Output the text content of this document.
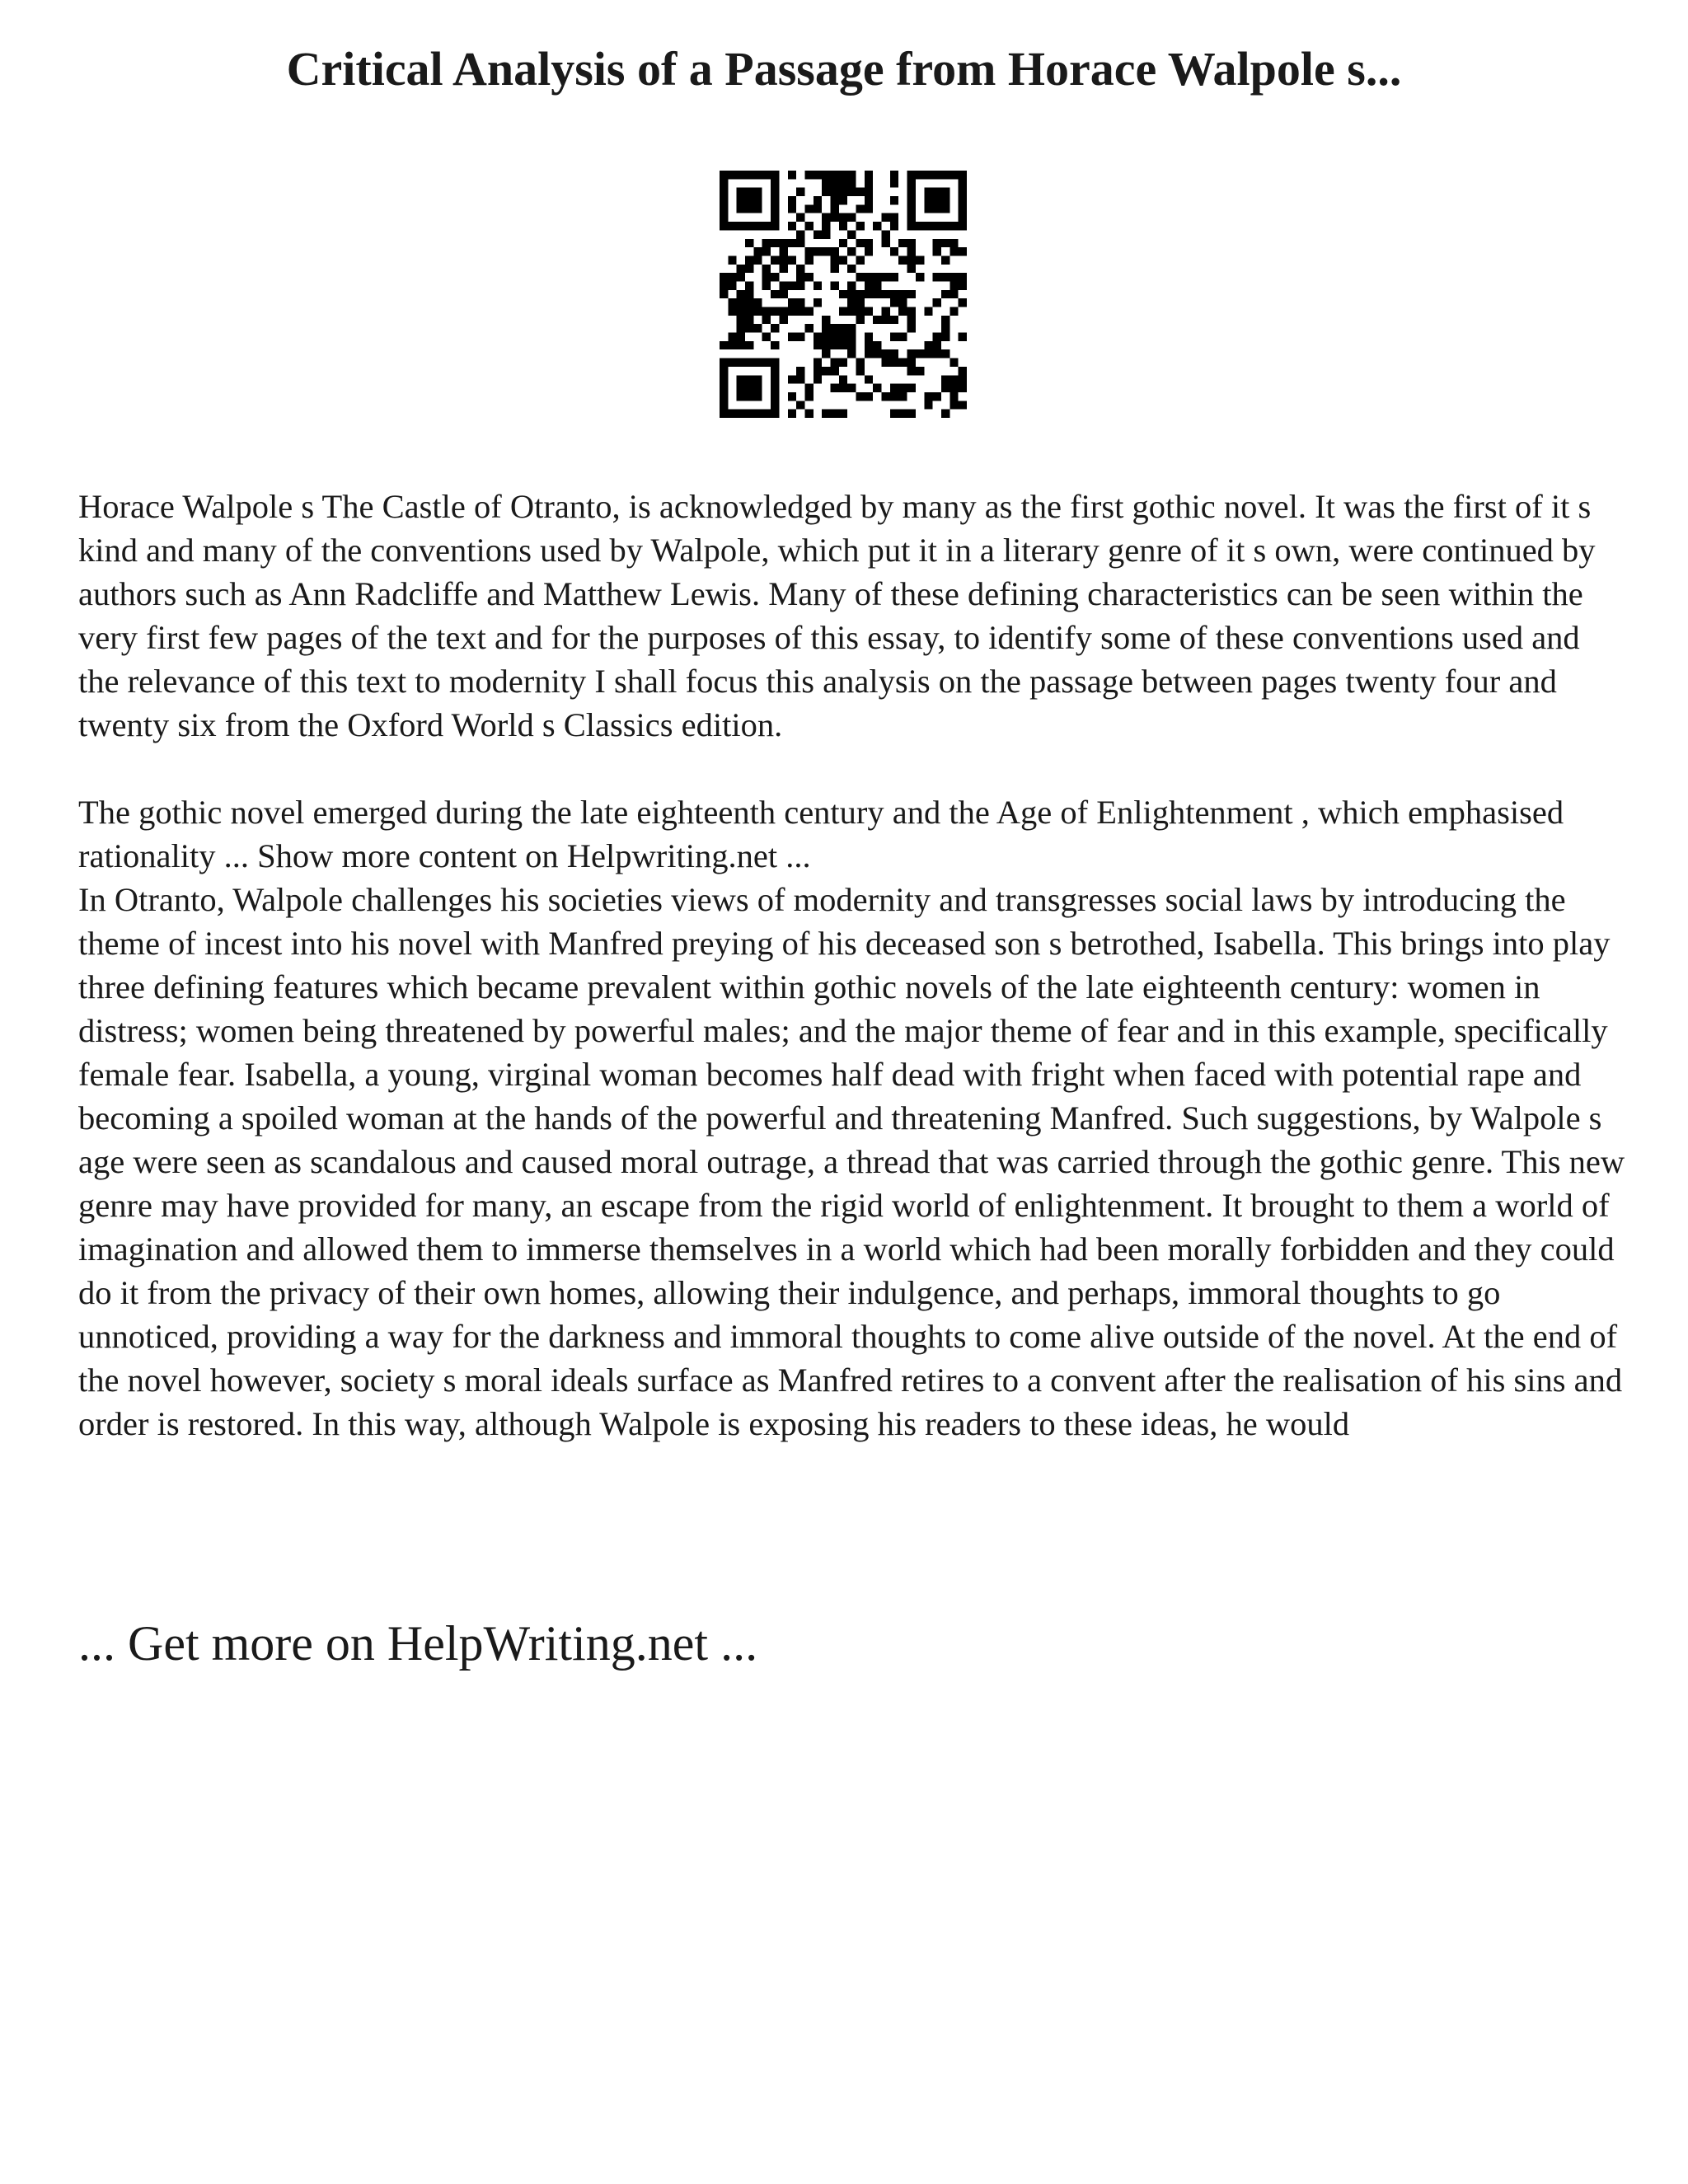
Critical Analysis of a Passage from Horace Walpole s...

Horace Walpole s The Castle of Otranto, is acknowledged by many as the first gothic novel. It was the first of it s kind and many of the conventions used by Walpole, which put it in a literary genre of it s own, were continued by authors such as Ann Radcliffe and Matthew Lewis. Many of these defining characteristics can be seen within the very first few pages of the text and for the purposes of this essay, to identify some of these conventions used and the relevance of this text to modernity I shall focus this analysis on the passage between pages twenty four and twenty six from the Oxford World s Classics edition.

The gothic novel emerged during the late eighteenth century and the Age of Enlightenment , which emphasised rationality ... Show more content on Helpwriting.net ...

In Otranto, Walpole challenges his societies views of modernity and transgresses social laws by introducing the theme of incest into his novel with Manfred preying of his deceased son s betrothed, Isabella. This brings into play three defining features which became prevalent within gothic novels of the late eighteenth century: women in distress; women being threatened by powerful males; and the major theme of fear and in this example, specifically female fear. Isabella, a young, virginal woman becomes half dead with fright when faced with potential rape and becoming a spoiled woman at the hands of the powerful and threatening Manfred. Such suggestions, by Walpole s age were seen as scandalous and caused moral outrage, a thread that was carried through the gothic genre. This new genre may have provided for many, an escape from the rigid world of enlightenment. It brought to them a world of imagination and allowed them to immerse themselves in a world which had been morally forbidden and they could do it from the privacy of their own homes, allowing their indulgence, and perhaps, immoral thoughts to go unnoticed, providing a way for the darkness and immoral thoughts to come alive outside of the novel. At the end of the novel however, society s moral ideals surface as Manfred retires to a convent after the realisation of his sins and order is restored. In this way, although Walpole is exposing his readers to these ideas, he would

... Get more on HelpWriting.net ...
